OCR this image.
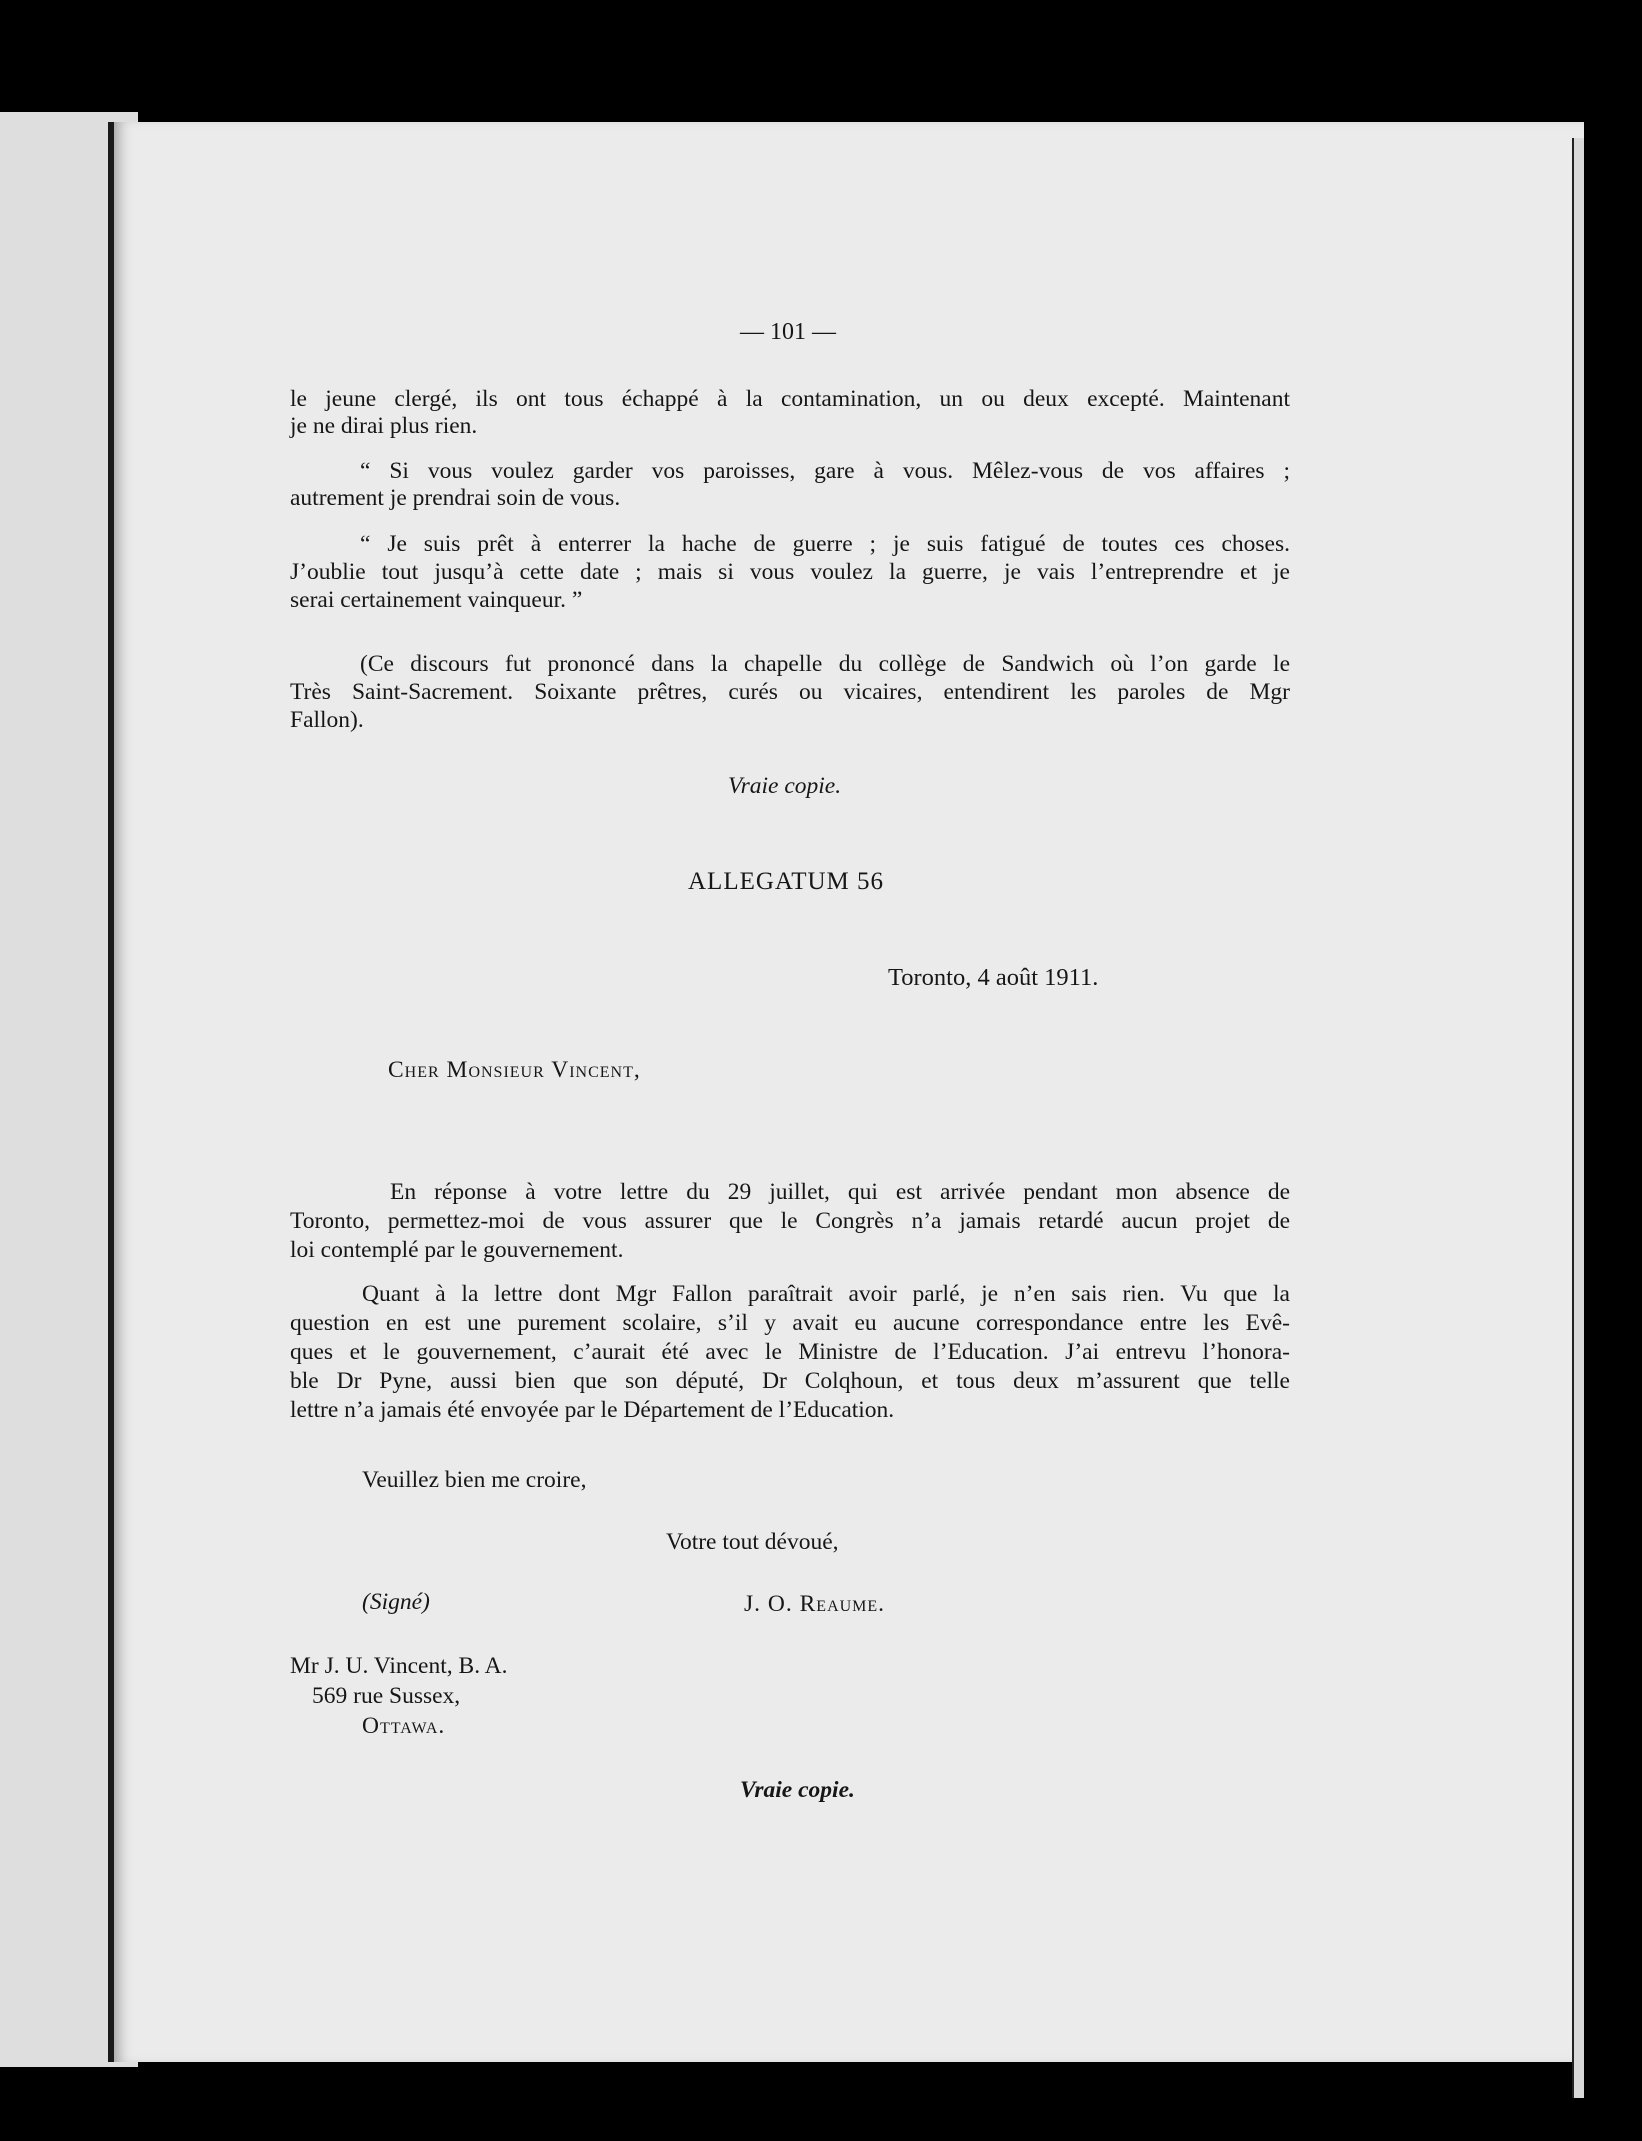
— 101 —
le jeune clergé, ils ont tous échappé à la contamination, un ou deux excepté. Maintenant
je ne dirai plus rien.
“ Si vous voulez garder vos paroisses, gare à vous. Mêlez-vous de vos affaires ;
autrement je prendrai soin de vous.
“ Je suis prêt à enterrer la hache de guerre ; je suis fatigué de toutes ces choses.
J’oublie tout jusqu’à cette date ; mais si vous voulez la guerre, je vais l’entreprendre et je
serai certainement vainqueur. ”
(Ce discours fut prononcé dans la chapelle du collège de Sandwich où l’on garde le
Très Saint-Sacrement. Soixante prêtres, curés ou vicaires, entendirent les paroles de Mgr
Fallon).
Vraie copie.
ALLEGATUM 56
Toronto, 4 août 1911.
Cher Monsieur Vincent,
En réponse à votre lettre du 29 juillet, qui est arrivée pendant mon absence de
Toronto, permettez-moi de vous assurer que le Congrès n’a jamais retardé aucun projet de
loi contemplé par le gouvernement.
Quant à la lettre dont Mgr Fallon paraîtrait avoir parlé, je n’en sais rien. Vu que la
question en est une purement scolaire, s’il y avait eu aucune correspondance entre les Evê-
ques et le gouvernement, c’aurait été avec le Ministre de l’Education. J’ai entrevu l’honora-
ble Dr Pyne, aussi bien que son député, Dr Colqhoun, et tous deux m’assurent que telle
lettre n’a jamais été envoyée par le Département de l’Education.
Veuillez bien me croire,
Votre tout dévoué,
(Signé)	J. O. Reaume.
Mr J. U. Vincent, B. A.
569 rue Sussex,
Ottawa.
Vraie copie.
